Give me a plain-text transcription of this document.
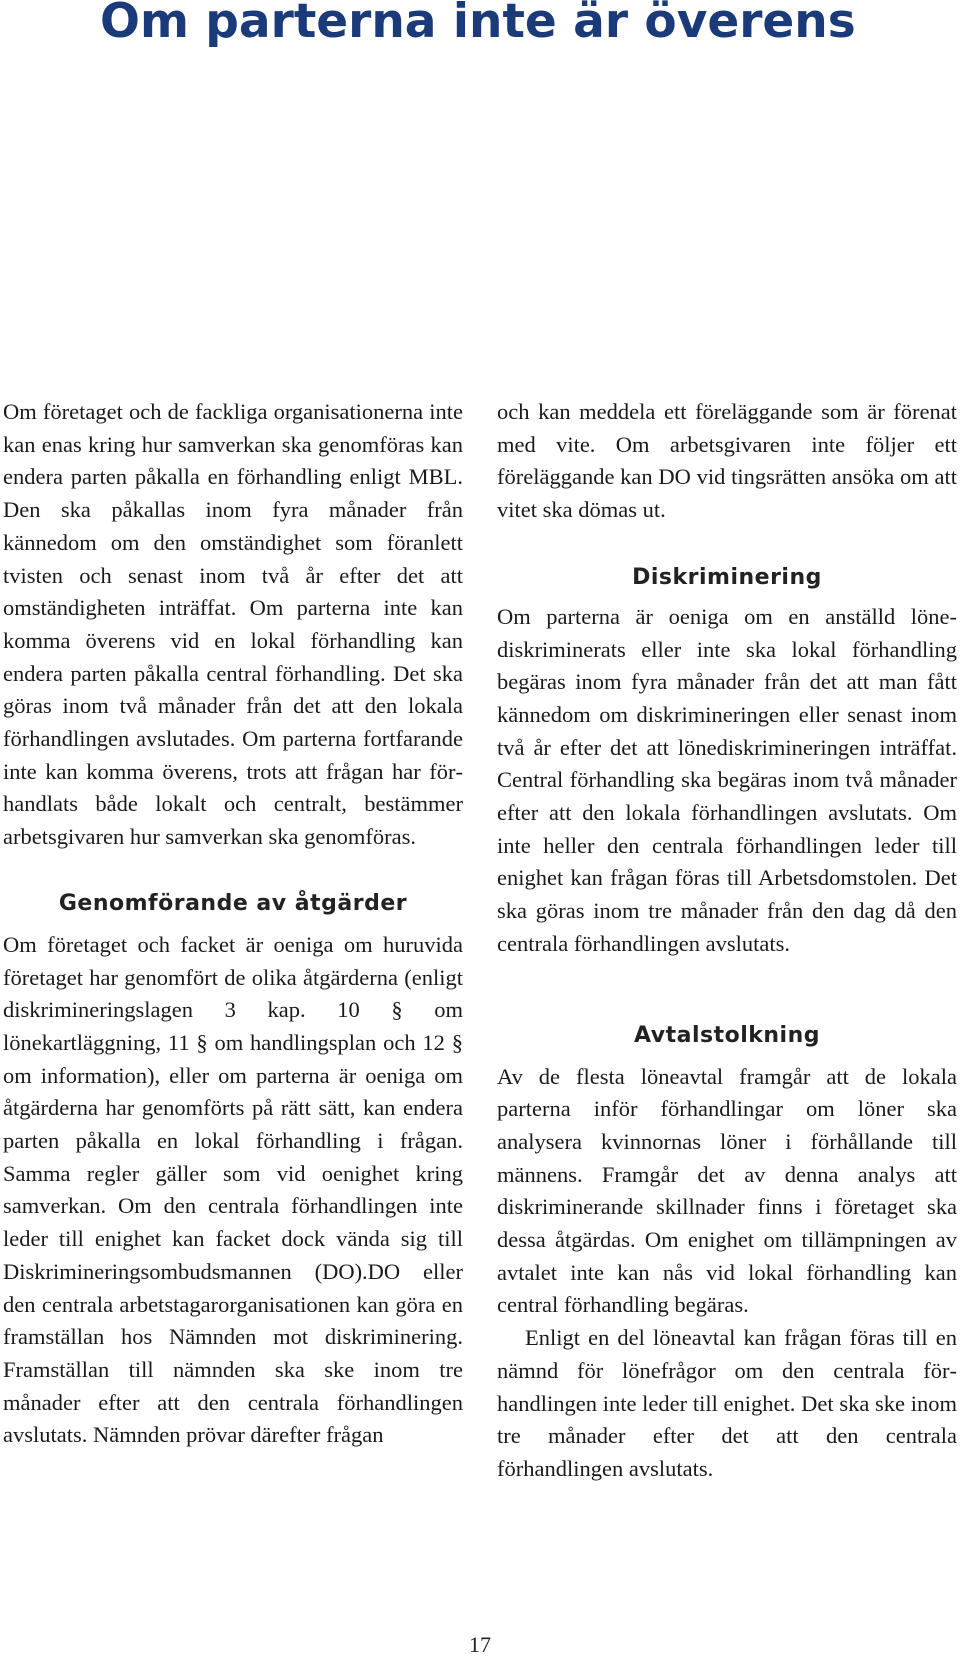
Om parterna inte är överens

Om företaget och de fackliga organisationerna inte kan enas kring hur samverkan ska genomföras kan endera parten påkalla en förhandling enligt MBL. Den ska påkallas inom fyra månader från kännedom om den omständighet som föranlett tvisten och senast inom två år efter det att omständigheten inträffat. Om parterna inte kan komma överens vid en lokal förhandling kan endera parten påkalla central förhandling. Det ska göras inom två månader från det att den lokala förhandlingen avslutades. Om parterna fortfarande inte kan komma överens, trots att frågan har förhandlats både lokalt och centralt, bestämmer arbetsgivaren hur samverkan ska genomföras.

Genomförande av åtgärder

Om företaget och facket är oeniga om huruvida företaget har genomfört de olika åtgärderna (enligt diskrimineringslagen 3 kap. 10 § om lönekartläggning, 11 § om handlingsplan och 12 § om information), eller om parterna är oeniga om åtgärderna har genomförts på rätt sätt, kan endera parten påkalla en lokal förhandling i frågan. Samma regler gäller som vid oenighet kring samverkan. Om den centrala förhandlingen inte leder till enighet kan facket dock vända sig till Diskrimineringsombudsmannen (DO).DO eller den centrala arbetstagarorganisationen kan göra en framställan hos Nämnden mot diskriminering. Framställan till nämnden ska ske inom tre månader efter att den centrala förhandlingen avslutats. Nämnden prövar därefter frågan

och kan meddela ett föreläggande som är förenat med vite. Om arbetsgivaren inte följer ett föreläggande kan DO vid tingsrätten ansöka om att vitet ska dömas ut.

Diskriminering

Om parterna är oeniga om en anställd lönediskriminerats eller inte ska lokal förhandling begäras inom fyra månader från det att man fått kännedom om diskrimineringen eller senast inom två år efter det att lönediskrimineringen inträffat. Central förhandling ska begäras inom två månader efter att den lokala förhandlingen avslutats. Om inte heller den centrala förhandlingen leder till enighet kan frågan föras till Arbetsdomstolen. Det ska göras inom tre månader från den dag då den centrala förhandlingen avslutats.

Avtalstolkning

Av de flesta löneavtal framgår att de lokala parterna inför förhandlingar om löner ska analysera kvinnornas löner i förhållande till männens. Framgår det av denna analys att diskriminerande skillnader finns i företaget ska dessa åtgärdas. Om enighet om tillämpningen av avtalet inte kan nås vid lokal förhandling kan central förhandling begäras.

Enligt en del löneavtal kan frågan föras till en nämnd för lönefrågor om den centrala förhandlingen inte leder till enighet. Det ska ske inom tre månader efter det att den centrala förhandlingen avslutats.

17
